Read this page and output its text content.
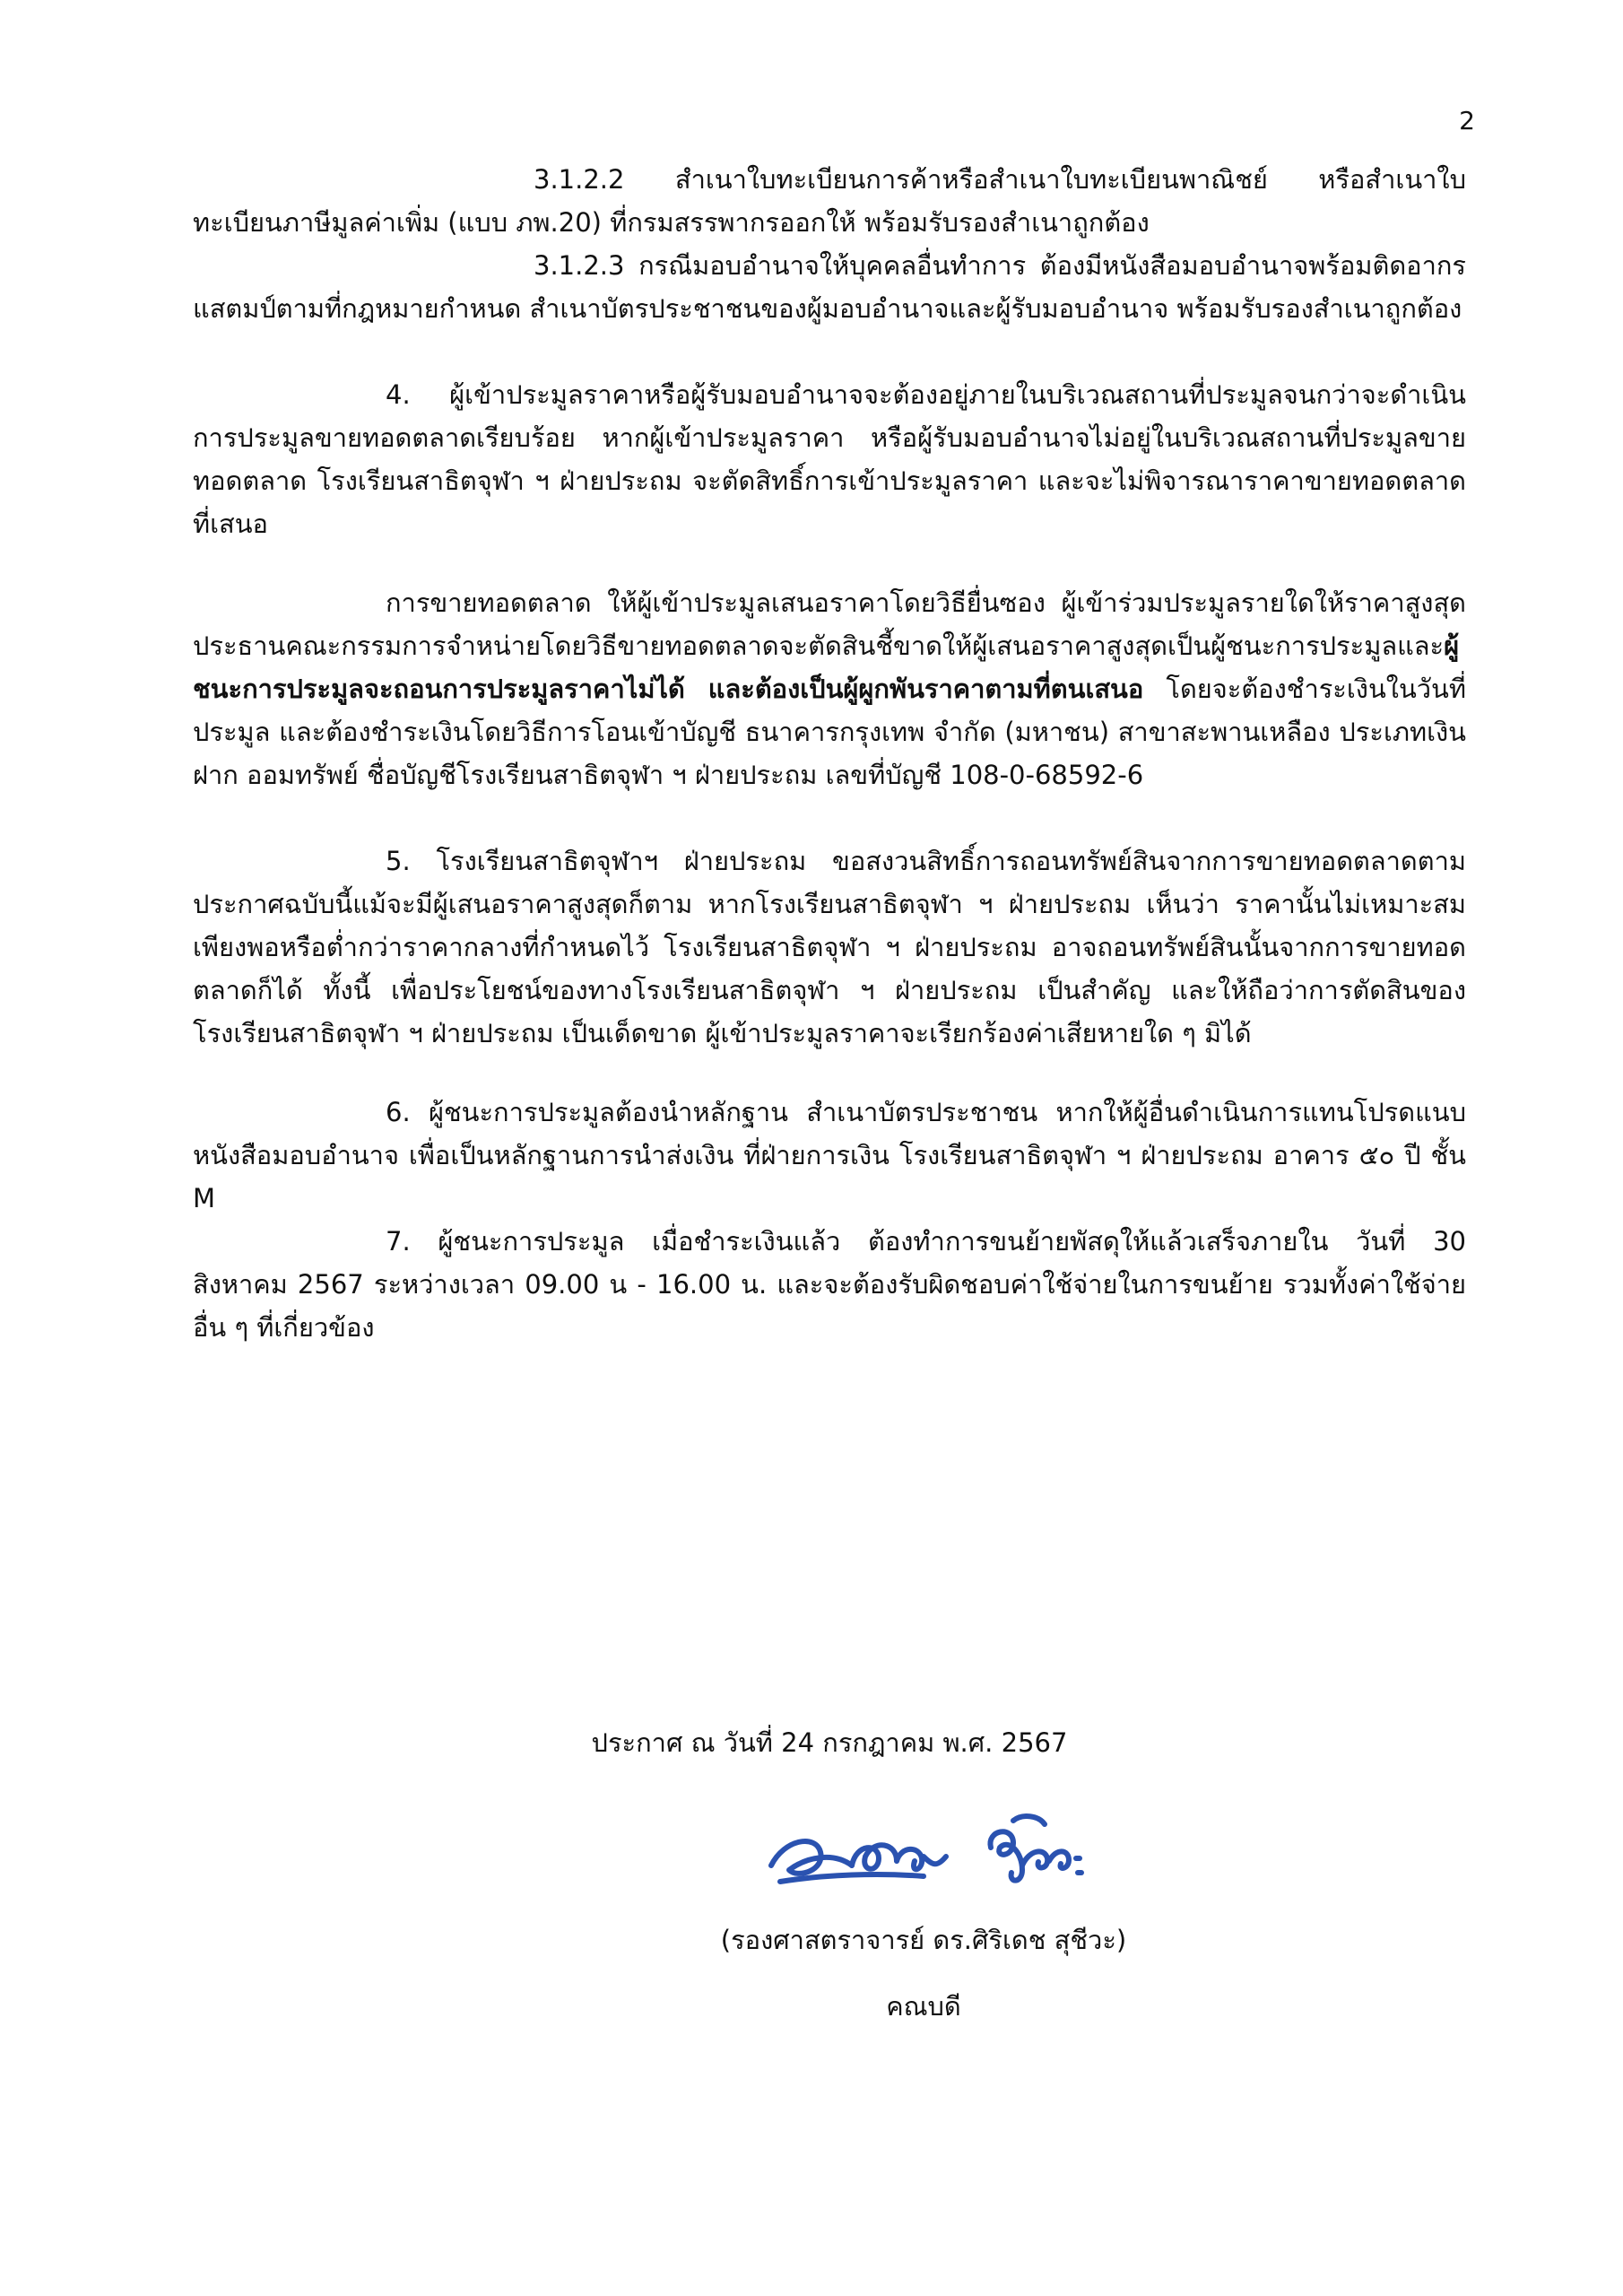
2

3.1.2.2 สำเนาใบทะเบียนการค้าหรือสำเนาใบทะเบียนพาณิชย์ หรือสำเนาใบทะเบียนภาษีมูลค่าเพิ่ม (แบบ ภพ.20) ที่กรมสรรพากรออกให้ พร้อมรับรองสำเนาถูกต้อง

3.1.2.3 กรณีมอบอำนาจให้บุคคลอื่นทำการ ต้องมีหนังสือมอบอำนาจพร้อมติดอากรแสตมป์ตามที่กฎหมายกำหนด สำเนาบัตรประชาชนของผู้มอบอำนาจและผู้รับมอบอำนาจ พร้อมรับรองสำเนาถูกต้อง

4. ผู้เข้าประมูลราคาหรือผู้รับมอบอำนาจจะต้องอยู่ภายในบริเวณสถานที่ประมูลจนกว่าจะดำเนินการประมูลขายทอดตลาดเรียบร้อย หากผู้เข้าประมูลราคา หรือผู้รับมอบอำนาจไม่อยู่ในบริเวณสถานที่ประมูลขายทอดตลาด โรงเรียนสาธิตจุฬา ฯ ฝ่ายประถม จะตัดสิทธิ์การเข้าประมูลราคา และจะไม่พิจารณาราคาขายทอดตลาดที่เสนอ

การขายทอดตลาด ให้ผู้เข้าประมูลเสนอราคาโดยวิธียื่นซอง ผู้เข้าร่วมประมูลรายใดให้ราคาสูงสุดประธานคณะกรรมการจำหน่ายโดยวิธีขายทอดตลาดจะตัดสินชี้ขาดให้ผู้เสนอราคาสูงสุดเป็นผู้ชนะการประมูลและผู้ชนะการประมูลจะถอนการประมูลราคาไม่ได้ และต้องเป็นผู้ผูกพันราคาตามที่ตนเสนอ โดยจะต้องชำระเงินในวันที่ประมูล และต้องชำระเงินโดยวิธีการโอนเข้าบัญชี ธนาคารกรุงเทพ จำกัด (มหาชน) สาขาสะพานเหลือง ประเภทเงินฝาก ออมทรัพย์ ชื่อบัญชีโรงเรียนสาธิตจุฬา ฯ ฝ่ายประถม เลขที่บัญชี 108-0-68592-6

5. โรงเรียนสาธิตจุฬาฯ ฝ่ายประถม ขอสงวนสิทธิ์การถอนทรัพย์สินจากการขายทอดตลาดตามประกาศฉบับนี้แม้จะมีผู้เสนอราคาสูงสุดก็ตาม หากโรงเรียนสาธิตจุฬา ฯ ฝ่ายประถม เห็นว่า ราคานั้นไม่เหมาะสมเพียงพอหรือต่ำกว่าราคากลางที่กำหนดไว้ โรงเรียนสาธิตจุฬา ฯ ฝ่ายประถม อาจถอนทรัพย์สินนั้นจากการขายทอดตลาดก็ได้ ทั้งนี้ เพื่อประโยชน์ของทางโรงเรียนสาธิตจุฬา ฯ ฝ่ายประถม เป็นสำคัญ และให้ถือว่าการตัดสินของโรงเรียนสาธิตจุฬา ฯ ฝ่ายประถม เป็นเด็ดขาด ผู้เข้าประมูลราคาจะเรียกร้องค่าเสียหายใด ๆ มิได้

6. ผู้ชนะการประมูลต้องนำหลักฐาน สำเนาบัตรประชาชน หากให้ผู้อื่นดำเนินการแทนโปรดแนบหนังสือมอบอำนาจ เพื่อเป็นหลักฐานการนำส่งเงิน ที่ฝ่ายการเงิน โรงเรียนสาธิตจุฬา ฯ ฝ่ายประถม อาคาร ๕๐ ปี ชั้น M

7. ผู้ชนะการประมูล เมื่อชำระเงินแล้ว ต้องทำการขนย้ายพัสดุให้แล้วเสร็จภายใน วันที่ 30 สิงหาคม 2567 ระหว่างเวลา 09.00 น - 16.00 น. และจะต้องรับผิดชอบค่าใช้จ่ายในการขนย้าย รวมทั้งค่าใช้จ่ายอื่น ๆ ที่เกี่ยวข้อง

ประกาศ ณ วันที่ 24 กรกฎาคม พ.ศ. 2567
(รองศาสตราจารย์ ดร.ศิริเดช สุชีวะ)
คณบดี
